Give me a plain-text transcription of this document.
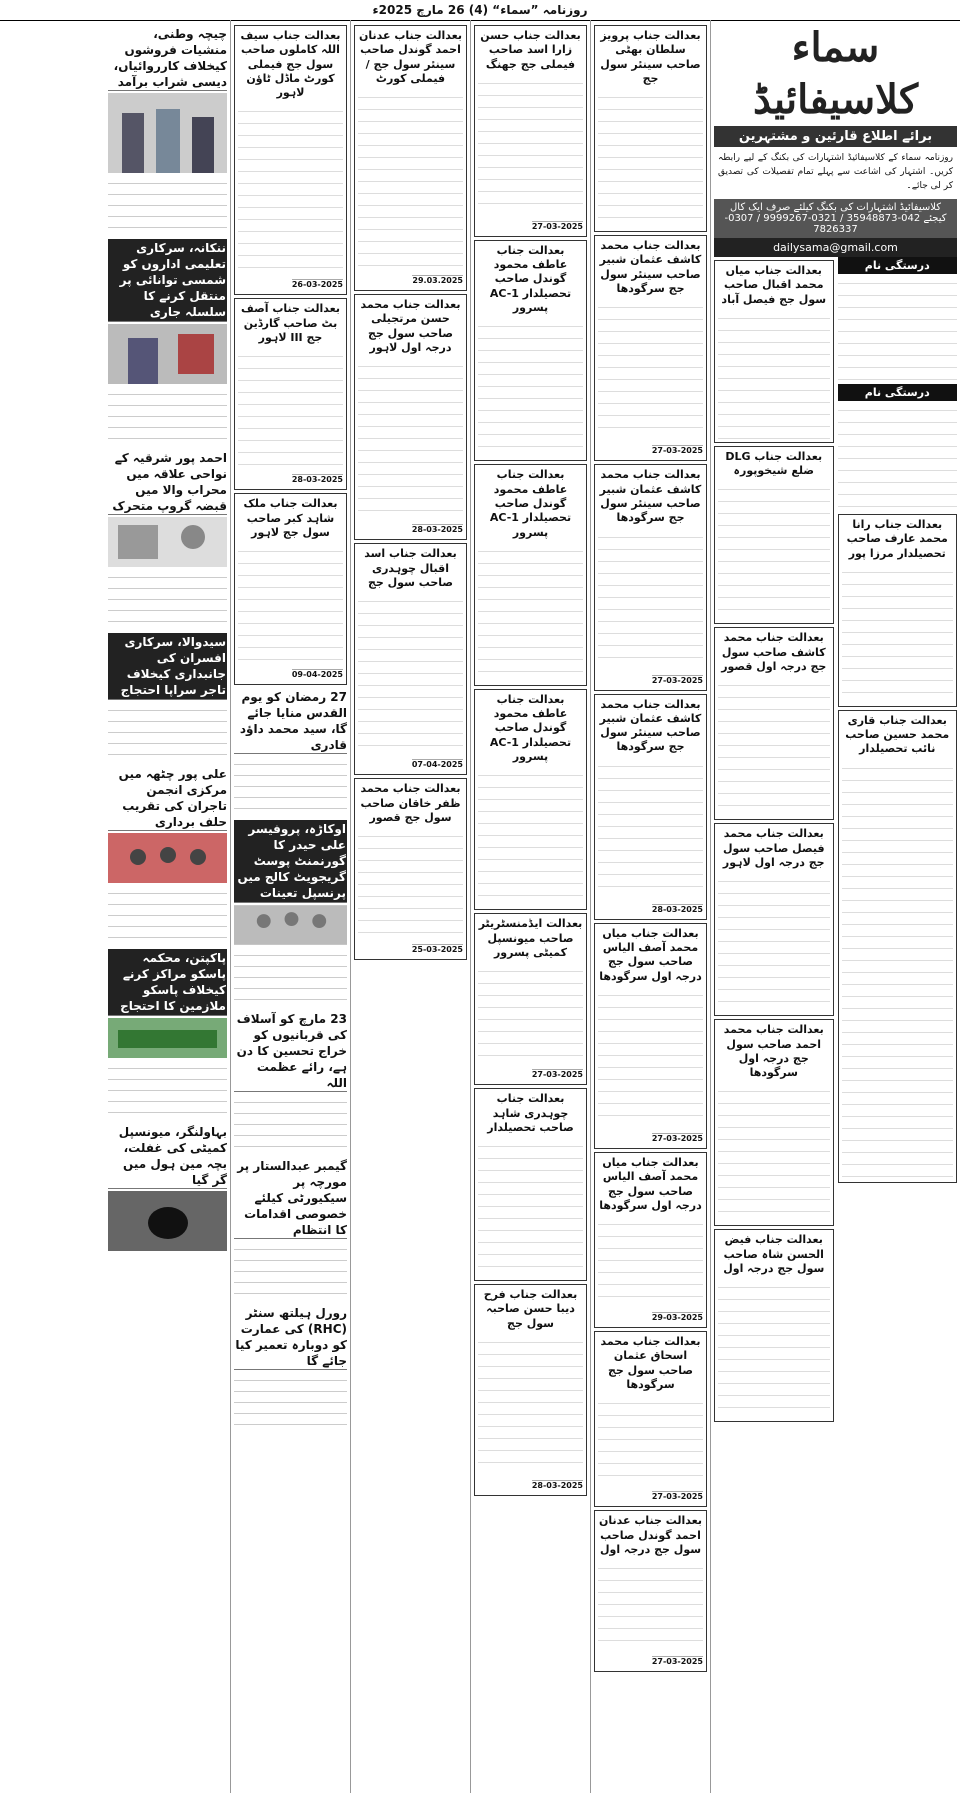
روزنامہ ”سماء“ (4) 26 مارچ 2025ء
سماء کلاسیفائیڈ
برائے اطلاع قارئین و مشتہرین
روزنامہ سماء کے کلاسیفائیڈ اشتہارات کی بکنگ کے لیے رابطہ کریں۔ اشتہار کی اشاعت سے پہلے تمام تفصیلات کی تصدیق کر لی جائے۔
کلاسیفائیڈ اشتہارات کی بکنگ کیلئے صرف ایک کال کیجئے 042-35948873 / 0321-9999267 / 0307-7826337
dailysama@gmail.com
درستگی نام
درستگی نام
بعدالت جناب رانا محمد عارف صاحب تحصیلدار مرزا پور
بعدالت جناب قاری محمد حسین صاحب نائب تحصیلدار
بعدالت جناب میاں محمد اقبال صاحب سول جج فیصل آباد
بعدالت جناب DLG ضلع شیخوپورہ
بعدالت جناب محمد کاشف صاحب سول جج درجہ اول قصور
بعدالت جناب محمد فیصل صاحب سول جج درجہ اول لاہور
بعدالت جناب محمد احمد صاحب سول جج درجہ اول سرگودھا
بعدالت جناب فیض الحسن شاہ صاحب سول جج درجہ اول
بعدالت جناب پرویز سلطان بھٹی صاحب سینئر سول جج
بعدالت جناب محمد کاشف عثمان شبیر صاحب سینئر سول جج سرگودھا
27-03-2025
بعدالت جناب محمد کاشف عثمان شبیر صاحب سینئر سول جج سرگودھا
27-03-2025
بعدالت جناب محمد کاشف عثمان شبیر صاحب سینئر سول جج سرگودھا
28-03-2025
بعدالت جناب میاں محمد آصف الیاس صاحب سول جج درجہ اول سرگودھا
27-03-2025
بعدالت جناب میاں محمد آصف الیاس صاحب سول جج درجہ اول سرگودھا
29-03-2025
بعدالت جناب محمد اسحاق عثمان صاحب سول جج سرگودھا
27-03-2025
بعدالت جناب عدنان احمد گوندل صاحب سول جج درجہ اول
27-03-2025
بعدالت جناب حسن زارا اسد صاحب فیملی جج جھنگ
27-03-2025
بعدالت جناب عاطف محمود گوندل صاحب تحصیلدار AC-1 پسرور
بعدالت جناب عاطف محمود گوندل صاحب تحصیلدار AC-1 پسرور
بعدالت جناب عاطف محمود گوندل صاحب تحصیلدار AC-1 پسرور
بعدالت ایڈمنسٹریٹر صاحب میونسپل کمیٹی پسرور
27-03-2025
بعدالت جناب چوہدری شاہد صاحب تحصیلدار
بعدالت جناب فرح دیبا حسن صاحبہ سول جج
28-03-2025
بعدالت جناب عدنان احمد گوندل صاحب سینئر سول جج / فیملی کورٹ
29.03.2025
بعدالت جناب محمد حسن مرتجیلی صاحب سول جج درجہ اول لاہور
28-03-2025
بعدالت جناب اسد اقبال چوہدری صاحب سول جج
07-04-2025
بعدالت جناب محمد ظفر خاقان صاحب سول جج قصور
25-03-2025
بعدالت جناب سیف اللہ کاملوں صاحب سول جج فیملی کورٹ ماڈل ٹاؤن لاہور
26-03-2025
بعدالت جناب آصف بٹ صاحب گارڈین جج III لاہور
28-03-2025
بعدالت جناب ملک شاہد کبر صاحب سول جج لاہور
09-04-2025
27 رمضان کو یوم القدس منایا جائے گا، سید محمد داؤد قادری
اوکاڑہ، پروفیسر علی حیدر کا گورنمنٹ پوسٹ گریجویٹ کالج میں پرنسپل تعینات
23 مارچ کو آسلاف کی قربانیوں کو خراج تحسین کا دن ہے، رائے عظمت اللہ
گیمبر عبدالستار پر مورچہ پر سیکیورٹی کیلئے خصوصی اقدامات کا انتظام
رورل ہیلتھ سنٹر (RHC) کی عمارت کو دوبارہ تعمیر کیا جائے گا
چیچہ وطنی، منشیات فروشوں کیخلاف کارروائیاں، دیسی شراب برآمد
ننکانہ، سرکاری تعلیمی اداروں کو شمسی توانائی پر منتقل کرنے کا سلسلہ جاری
احمد پور شرقیہ کے نواحی علاقہ میں محراب والا میں قبضہ گروپ متحرک
سیدوالا، سرکاری افسران کی جانبداری کیخلاف تاجر سراپا احتجاج
علی پور چٹھہ میں مرکزی انجمن تاجران کی تقریب حلف برداری
پاکپتن، محکمہ پاسکو مراکز کرنے کیخلاف پاسکو ملازمین کا احتجاج
بہاولنگر، میونسپل کمیٹی کی غفلت، بچہ مین ہول میں گر گیا
